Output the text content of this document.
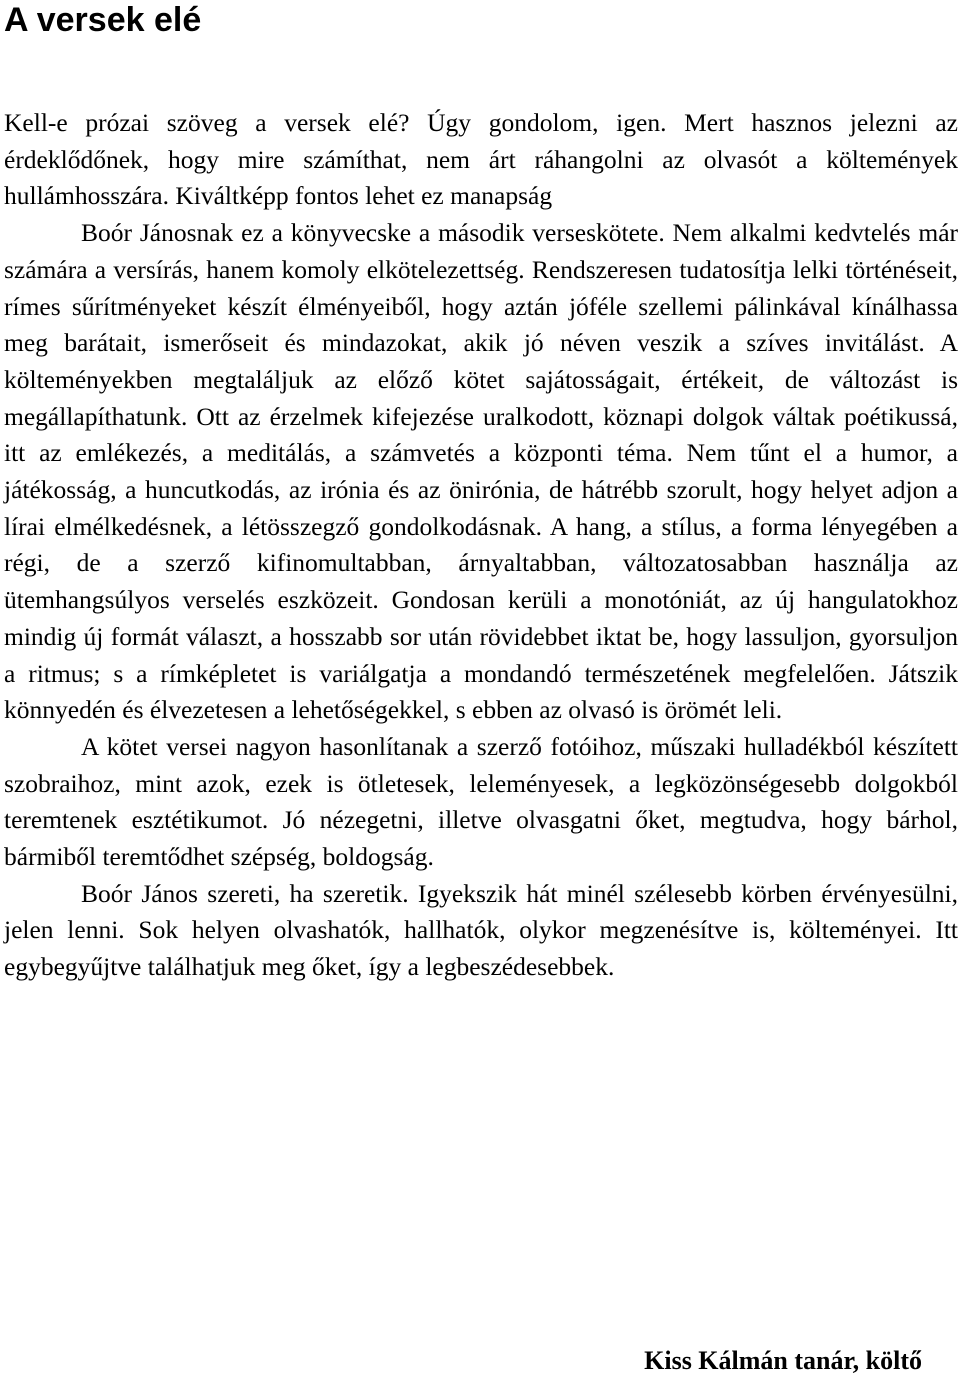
A versek elé

Kell-e prózai szöveg a versek elé? Úgy gondolom, igen. Mert hasznos jelezni az érdeklődőnek, hogy mire számíthat, nem árt ráhangolni az olvasót a költemények hullámhosszára. Kiváltképp fontos lehet ez manapság

Boór Jánosnak ez a könyvecske a második verseskötete. Nem alkalmi kedvtelés már számára a versírás, hanem komoly elkötelezettség. Rendszeresen tudatosítja lelki történéseit, rímes sűrítményeket készít élményeiből, hogy aztán jóféle szellemi pálinkával kínálhassa meg barátait, ismerőseit és mindazokat, akik jó néven veszik a szíves invitálást. A költeményekben megtaláljuk az előző kötet sajátosságait, értékeit, de változást is megállapíthatunk. Ott az érzelmek kifejezése uralkodott, köznapi dolgok váltak poétikussá, itt az emlékezés, a meditálás, a számvetés a központi téma. Nem tűnt el a humor, a játékosság, a huncutkodás, az irónia és az önirónia, de hátrébb szorult, hogy helyet adjon a lírai elmélkedésnek, a létösszegző gondolkodásnak. A hang, a stílus, a forma lényegében a régi, de a szerző kifinomultabban, árnyaltabban, változatosabban használja az ütemhangsúlyos verselés eszközeit. Gondosan kerüli a monotóniát, az új hangulatokhoz mindig új formát választ, a hosszabb sor után rövidebbet iktat be, hogy lassuljon, gyorsuljon a ritmus; s a rímképletet is variálgatja a mondandó természetének megfelelően. Játszik könnyedén és élvezetesen a lehetőségekkel, s ebben az olvasó is örömét leli.

A kötet versei nagyon hasonlítanak a szerző fotóihoz, műszaki hulladékból készített szobraihoz, mint azok, ezek is ötletesek, leleményesek, a legközönségesebb dolgokból teremtenek esztétikumot. Jó nézegetni, illetve olvasgatni őket, megtudva, hogy bárhol, bármiből teremtődhet szépség, boldogság.

Boór János szereti, ha szeretik. Igyekszik hát minél szélesebb körben érvényesülni, jelen lenni. Sok helyen olvashatók, hallhatók, olykor megzenésítve is, költeményei. Itt egybegyűjtve találhatjuk meg őket, így a legbeszédesebbek.

Kiss Kálmán tanár, költő
